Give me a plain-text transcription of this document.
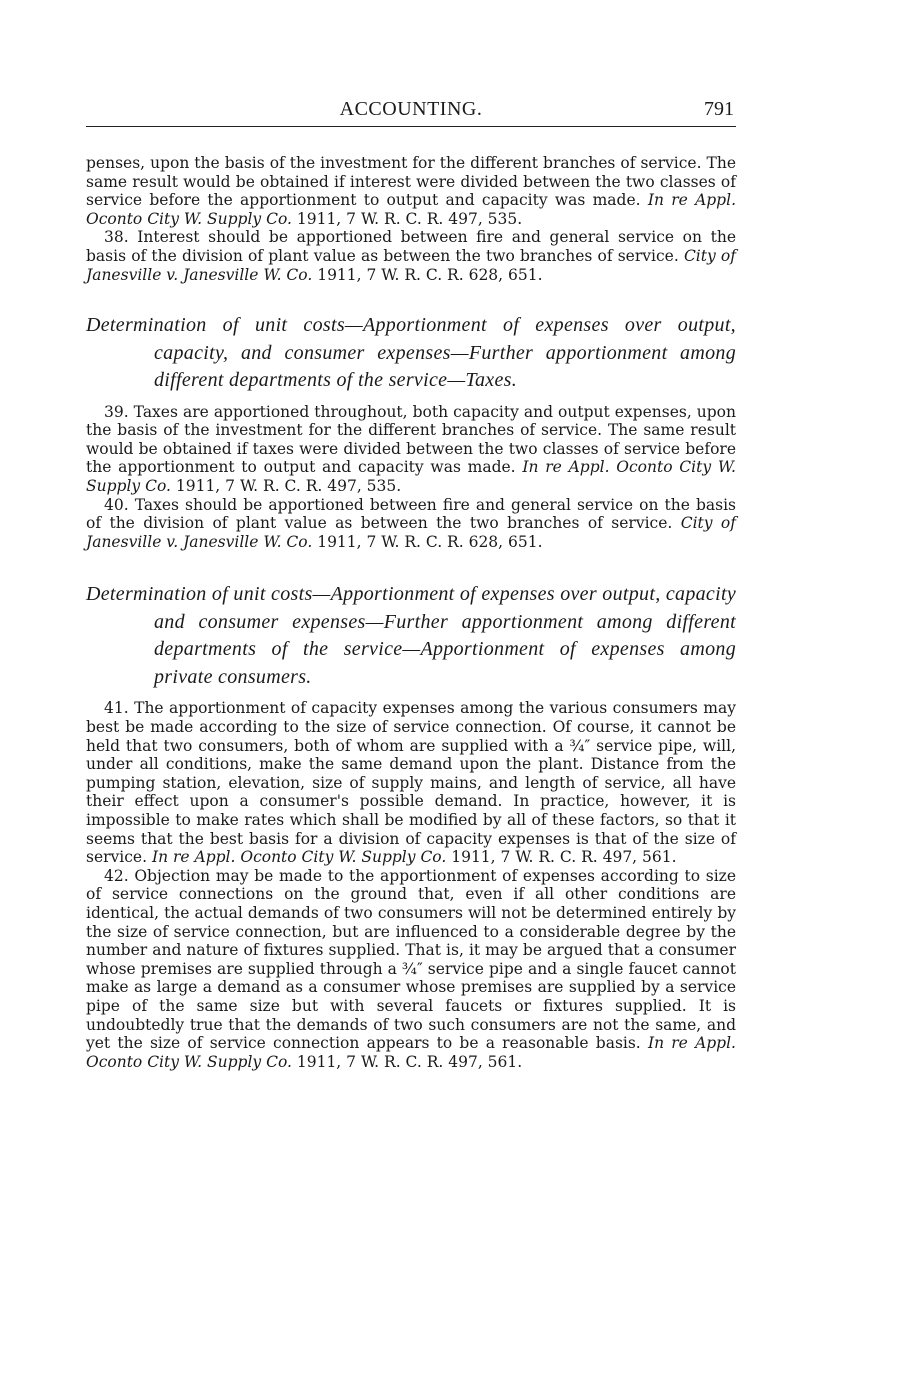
ACCOUNTING.	791

penses, upon the basis of the investment for the different branches of service. The same result would be obtained if interest were divided between the two classes of service before the apportionment to output and capacity was made. In re Appl. Oconto City W. Supply Co. 1911, 7 W. R. C. R. 497, 535.

38. Interest should be apportioned between fire and general service on the basis of the division of plant value as between the two branches of service. City of Janesville v. Janesville W. Co. 1911, 7 W. R. C. R. 628, 651.

Determination of unit costs—Apportionment of expenses over output, capacity, and consumer expenses—Further apportionment among different departments of the service—Taxes.

39. Taxes are apportioned throughout, both capacity and output expenses, upon the basis of the investment for the different branches of service. The same result would be obtained if taxes were divided between the two classes of service before the apportionment to output and capacity was made. In re Appl. Oconto City W. Supply Co. 1911, 7 W. R. C. R. 497, 535.

40. Taxes should be apportioned between fire and general service on the basis of the division of plant value as between the two branches of service. City of Janesville v. Janesville W. Co. 1911, 7 W. R. C. R. 628, 651.

Determination of unit costs—Apportionment of expenses over output, capacity and consumer expenses—Further apportionment among different departments of the service—Apportionment of expenses among private consumers.

41. The apportionment of capacity expenses among the various consumers may best be made according to the size of service connection. Of course, it cannot be held that two consumers, both of whom are supplied with a ¾″ service pipe, will, under all conditions, make the same demand upon the plant. Distance from the pumping station, elevation, size of supply mains, and length of service, all have their effect upon a consumer's possible demand. In practice, however, it is impossible to make rates which shall be modified by all of these factors, so that it seems that the best basis for a division of capacity expenses is that of the size of service. In re Appl. Oconto City W. Supply Co. 1911, 7 W. R. C. R. 497, 561.

42. Objection may be made to the apportionment of expenses according to size of service connections on the ground that, even if all other conditions are identical, the actual demands of two consumers will not be determined entirely by the size of service connection, but are influenced to a considerable degree by the number and nature of fixtures supplied. That is, it may be argued that a consumer whose premises are supplied through a ¾″ service pipe and a single faucet cannot make as large a demand as a consumer whose premises are supplied by a service pipe of the same size but with several faucets or fixtures supplied. It is undoubtedly true that the demands of two such consumers are not the same, and yet the size of service connection appears to be a reasonable basis. In re Appl. Oconto City W. Supply Co. 1911, 7 W. R. C. R. 497, 561.
